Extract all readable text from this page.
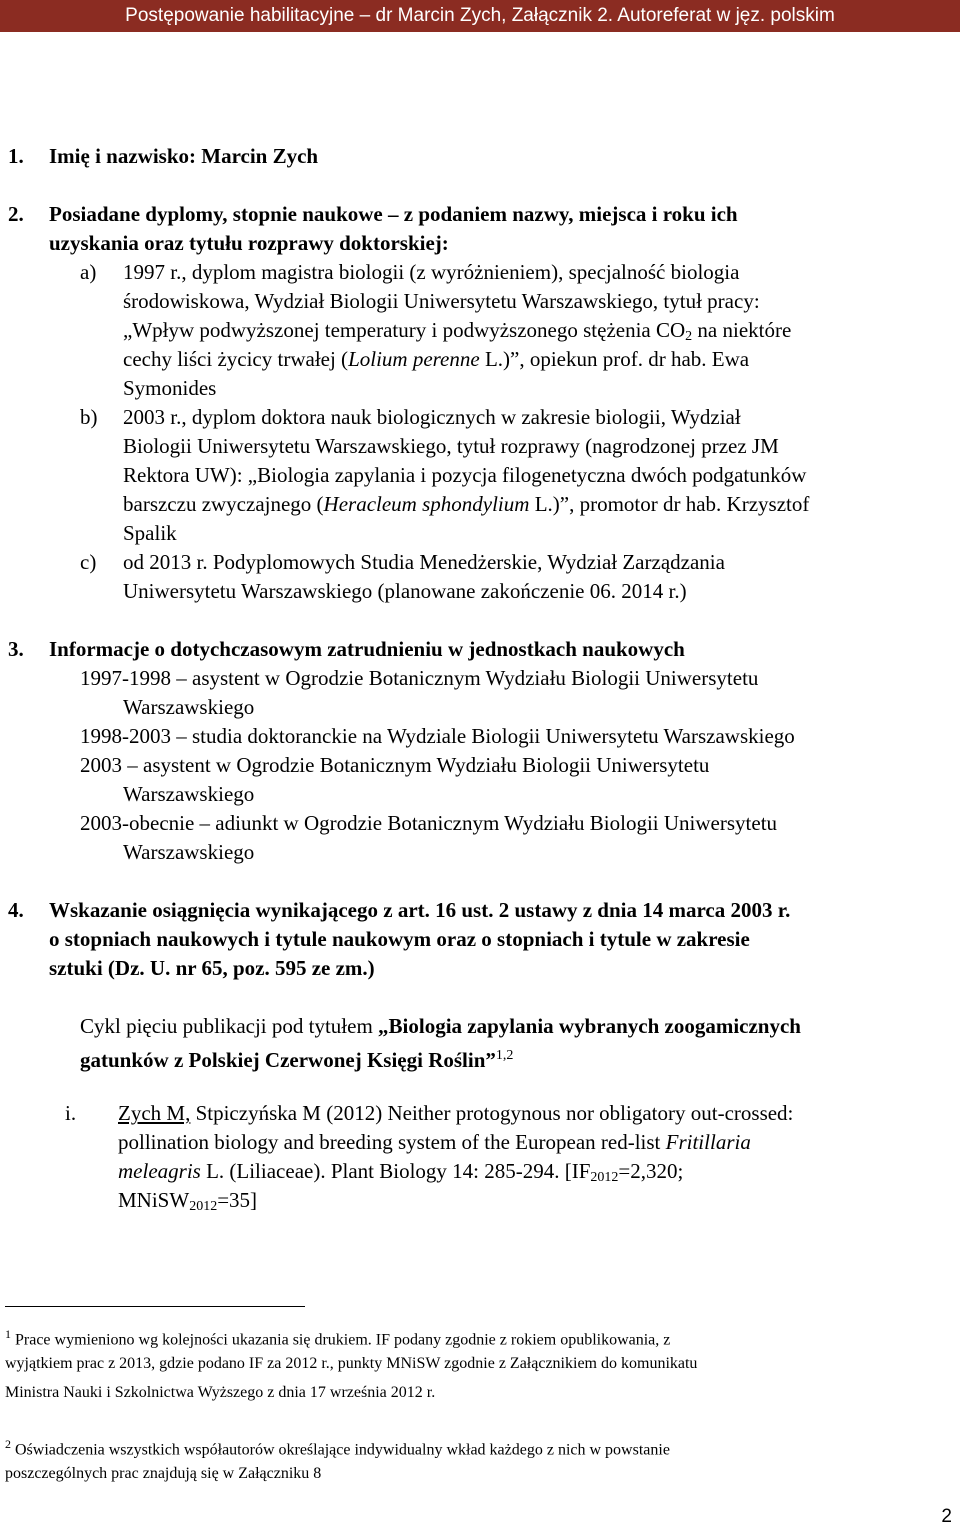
Postępowanie habilitacyjne – dr Marcin Zych, Załącznik 2. Autoreferat w jęz. polskim
1. Imię i nazwisko: Marcin Zych
2. Posiadane dyplomy, stopnie naukowe – z podaniem nazwy, miejsca i roku ich
uzyskania oraz tytułu rozprawy doktorskiej:
a) 1997 r., dyplom magistra biologii (z wyróżnieniem), specjalność biologia
środowiskowa, Wydział Biologii Uniwersytetu Warszawskiego, tytuł pracy:
„Wpływ podwyższonej temperatury i podwyższonego stężenia $CO_2$ na niektóre
cechy liści życicy trwałej (Lolium perenne L.)”, opiekun prof. dr hab. Ewa
Symonides
b) 2003 r., dyplom doktora nauk biologicznych w zakresie biologii, Wydział
Biologii Uniwersytetu Warszawskiego, tytuł rozprawy (nagrodzonej przez JM
Rektora UW): „Biologia zapylania i pozycja filogenetyczna dwóch podgatunków
barszczu zwyczajnego (Heracleum sphondylium L.)”, promotor dr hab. Krzysztof
Spalik
c) od 2013 r. Podyplomowych Studia Menedżerskie, Wydział Zarządzania
Uniwersytetu Warszawskiego (planowane zakończenie 06. 2014 r.)
3. Informacje o dotychczasowym zatrudnieniu w jednostkach naukowych
1997-1998 – asystent w Ogrodzie Botanicznym Wydziału Biologii Uniwersytetu
Warszawskiego
1998-2003 – studia doktoranckie na Wydziale Biologii Uniwersytetu Warszawskiego
2003 – asystent w Ogrodzie Botanicznym Wydziału Biologii Uniwersytetu
Warszawskiego
2003-obecnie – adiunkt w Ogrodzie Botanicznym Wydziału Biologii Uniwersytetu
Warszawskiego
4. Wskazanie osiągnięcia wynikającego z art. 16 ust. 2 ustawy z dnia 14 marca 2003 r.
o stopniach naukowych i tytule naukowym oraz o stopniach i tytule w zakresie
sztuki (Dz. U. nr 65, poz. 595 ze zm.)
Cykl pięciu publikacji pod tytułem „Biologia zapylania wybranych zoogamicznych
gatunków z Polskiej Czerwonej Księgi Roślin”$^{1,2}$
i. Zych M, Stpiczyńska M (2012) Neither protogynous nor obligatory out-crossed:
pollination biology and breeding system of the European red-list Fritillaria
meleagris L. (Liliaceae). Plant Biology 14: 285-294. [$IF_{2012}=2,320$;
MNiSW$_{2012}$=35]
$^1$ Prace wymieniono wg kolejności ukazania się drukiem. IF podany zgodnie z rokiem opublikowania, z
wyjątkiem prac z 2013, gdzie podano IF za 2012 r., punkty MNiSW zgodnie z Załącznikiem do komunikatu
Ministra Nauki i Szkolnictwa Wyższego z dnia 17 września 2012 r.
$^2$ Oświadczenia wszystkich współautorów określające indywidualny wkład każdego z nich w powstanie
poszczególnych prac znajdują się w Załączniku 8
2
